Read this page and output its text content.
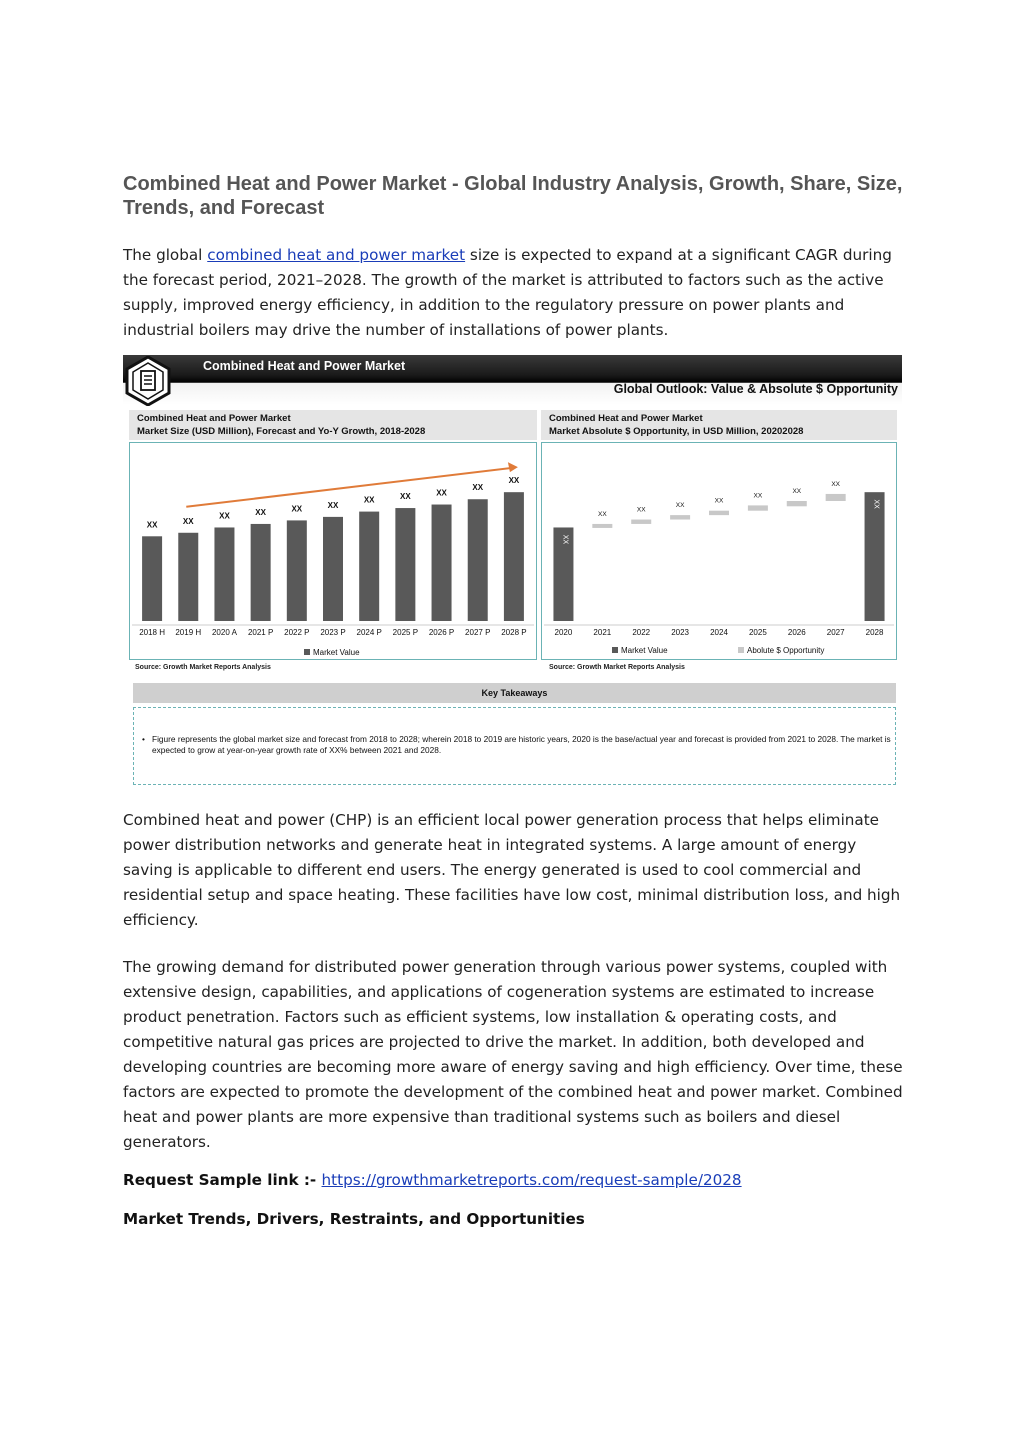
Combined Heat and Power Market - Global Industry Analysis, Growth, Share, Size, Trends, and Forecast

The global combined heat and power market size is expected to expand at a significant CAGR during the forecast period, 2021–2028. The growth of the market is attributed to factors such as the active supply, improved energy efficiency, in addition to the regulatory pressure on power plants and industrial boilers may drive the number of installations of power plants.

Combined Heat and Power Market
Global Outlook: Value & Absolute $ Opportunity
Combined Heat and Power Market
Market Size (USD Million), Forecast and Yo-Y Growth, 2018-2028
XX
2018 H
XX
2019 H
XX
2020 A
XX
2021 P
XX
2022 P
XX
2023 P
XX
2024 P
XX
2025 P
XX
2026 P
XX
2027 P
XX
2028 P
Market Value
Source: Growth Market Reports Analysis
Combined Heat and Power Market
Market Absolute $ Opportunity, in USD Million, 20202028
XX
2020
XX
2021
XX
2022
XX
2023
XX
2024
XX
2025
XX
2026
XX
2027
XX
2028
Market Value	Abolute $ Opportunity
Source: Growth Market Reports Analysis
Key Takeaways
• Figure represents the global market size and forecast from 2018 to 2028; wherein 2018 to 2019 are historic years, 2020 is the base/actual year and forecast is provided from 2021 to 2028. The market is expected to grow at year-on-year growth rate of XX% between 2021 and 2028.

Combined heat and power (CHP) is an efficient local power generation process that helps eliminate power distribution networks and generate heat in integrated systems. A large amount of energy saving is applicable to different end users. The energy generated is used to cool commercial and residential setup and space heating. These facilities have low cost, minimal distribution loss, and high efficiency.

The growing demand for distributed power generation through various power systems, coupled with extensive design, capabilities, and applications of cogeneration systems are estimated to increase product penetration. Factors such as efficient systems, low installation & operating costs, and competitive natural gas prices are projected to drive the market. In addition, both developed and developing countries are becoming more aware of energy saving and high efficiency. Over time, these factors are expected to promote the development of the combined heat and power market. Combined heat and power plants are more expensive than traditional systems such as boilers and diesel generators.

Request Sample link :- https://growthmarketreports.com/request-sample/2028

Market Trends, Drivers, Restraints, and Opportunities
